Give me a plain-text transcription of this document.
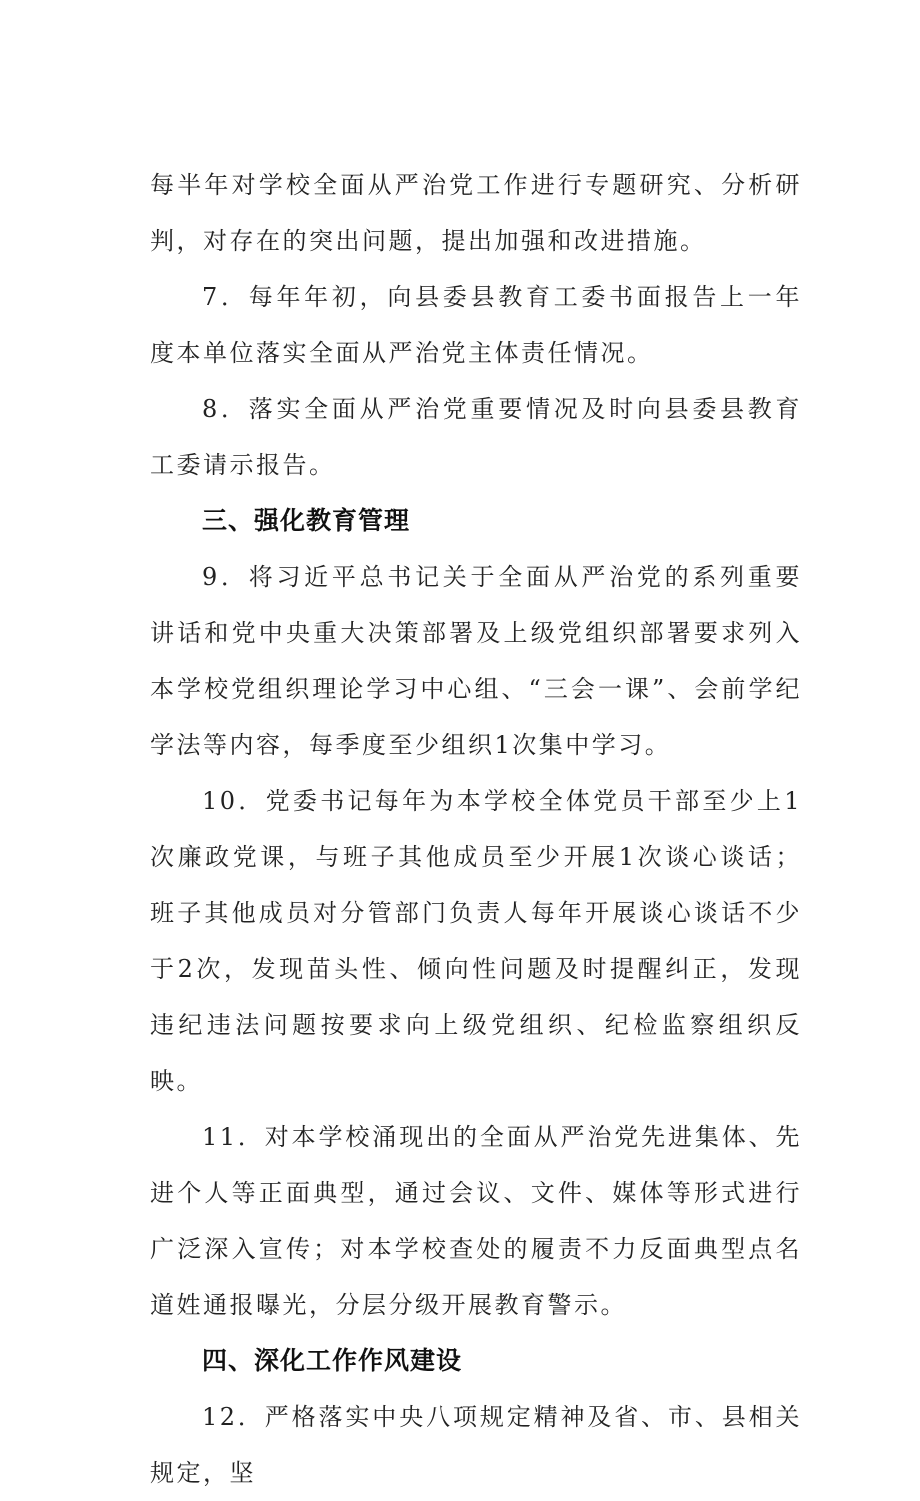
每半年对学校全面从严治党工作进行专题研究、分析研判，对存在的突出问题，提出加强和改进措施。

7．每年年初，向县委县教育工委书面报告上一年度本单位落实全面从严治党主体责任情况。

8．落实全面从严治党重要情况及时向县委县教育工委请示报告。

三、强化教育管理

9．将习近平总书记关于全面从严治党的系列重要讲话和党中央重大决策部署及上级党组织部署要求列入本学校党组织理论学习中心组、“三会一课”、会前学纪学法等内容，每季度至少组织1次集中学习。

10．党委书记每年为本学校全体党员干部至少上1次廉政党课，与班子其他成员至少开展1次谈心谈话；班子其他成员对分管部门负责人每年开展谈心谈话不少于2次，发现苗头性、倾向性问题及时提醒纠正，发现违纪违法问题按要求向上级党组织、纪检监察组织反映。

11．对本学校涌现出的全面从严治党先进集体、先进个人等正面典型，通过会议、文件、媒体等形式进行广泛深入宣传；对本学校查处的履责不力反面典型点名道姓通报曝光，分层分级开展教育警示。

四、深化工作作风建设

12．严格落实中央八项规定精神及省、市、县相关规定，坚
